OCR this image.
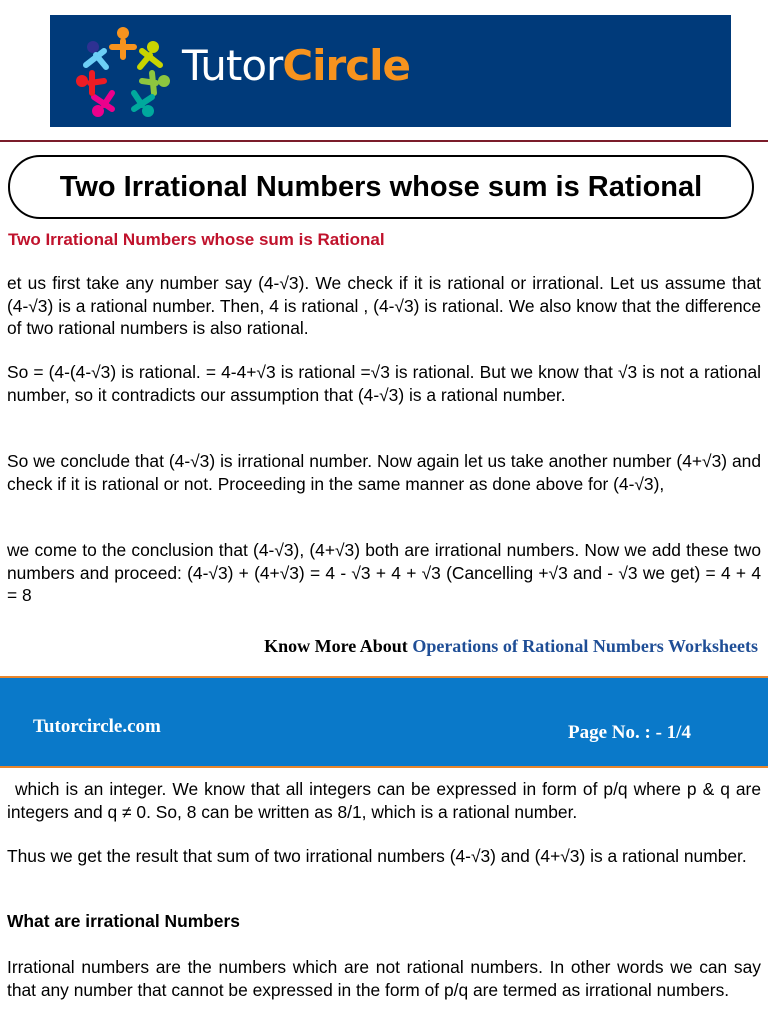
TutorCircle
Two Irrational Numbers whose sum is Rational
Two Irrational Numbers whose sum is Rational

et us first take any number say (4-√3). We check if it is rational or irrational. Let us assume that (4-√3) is a rational number. Then, 4 is rational , (4-√3) is rational. We also know that the difference of two rational numbers is also rational.

So = (4-(4-√3) is rational. = 4-4+√3 is rational =√3 is rational. But we know that √3 is not a rational number, so it contradicts our assumption that (4-√3) is a rational number.

So we conclude that (4-√3) is irrational number. Now again let us take another number (4+√3) and check if it is rational or not. Proceeding in the same manner as done above for (4-√3),

we come to the conclusion that (4-√3), (4+√3) both are irrational numbers. Now we add these two numbers and proceed: (4-√3) + (4+√3) = 4 - √3 + 4 + √3 (Cancelling +√3 and - √3 we get) = 4 + 4 = 8

Know More About Operations of Rational Numbers Worksheets
Tutorcircle.com	Page No. : - 1/4

which is an integer. We know that all integers can be expressed in form of p/q where p & q are integers and q ≠ 0. So, 8 can be written as 8/1, which is a rational number.

Thus we get the result that sum of two irrational numbers (4-√3) and (4+√3) is a rational number.

What are irrational Numbers

Irrational numbers are the numbers which are not rational numbers. In other words we can say that any number that cannot be expressed in the form of p/q are termed as irrational numbers.
